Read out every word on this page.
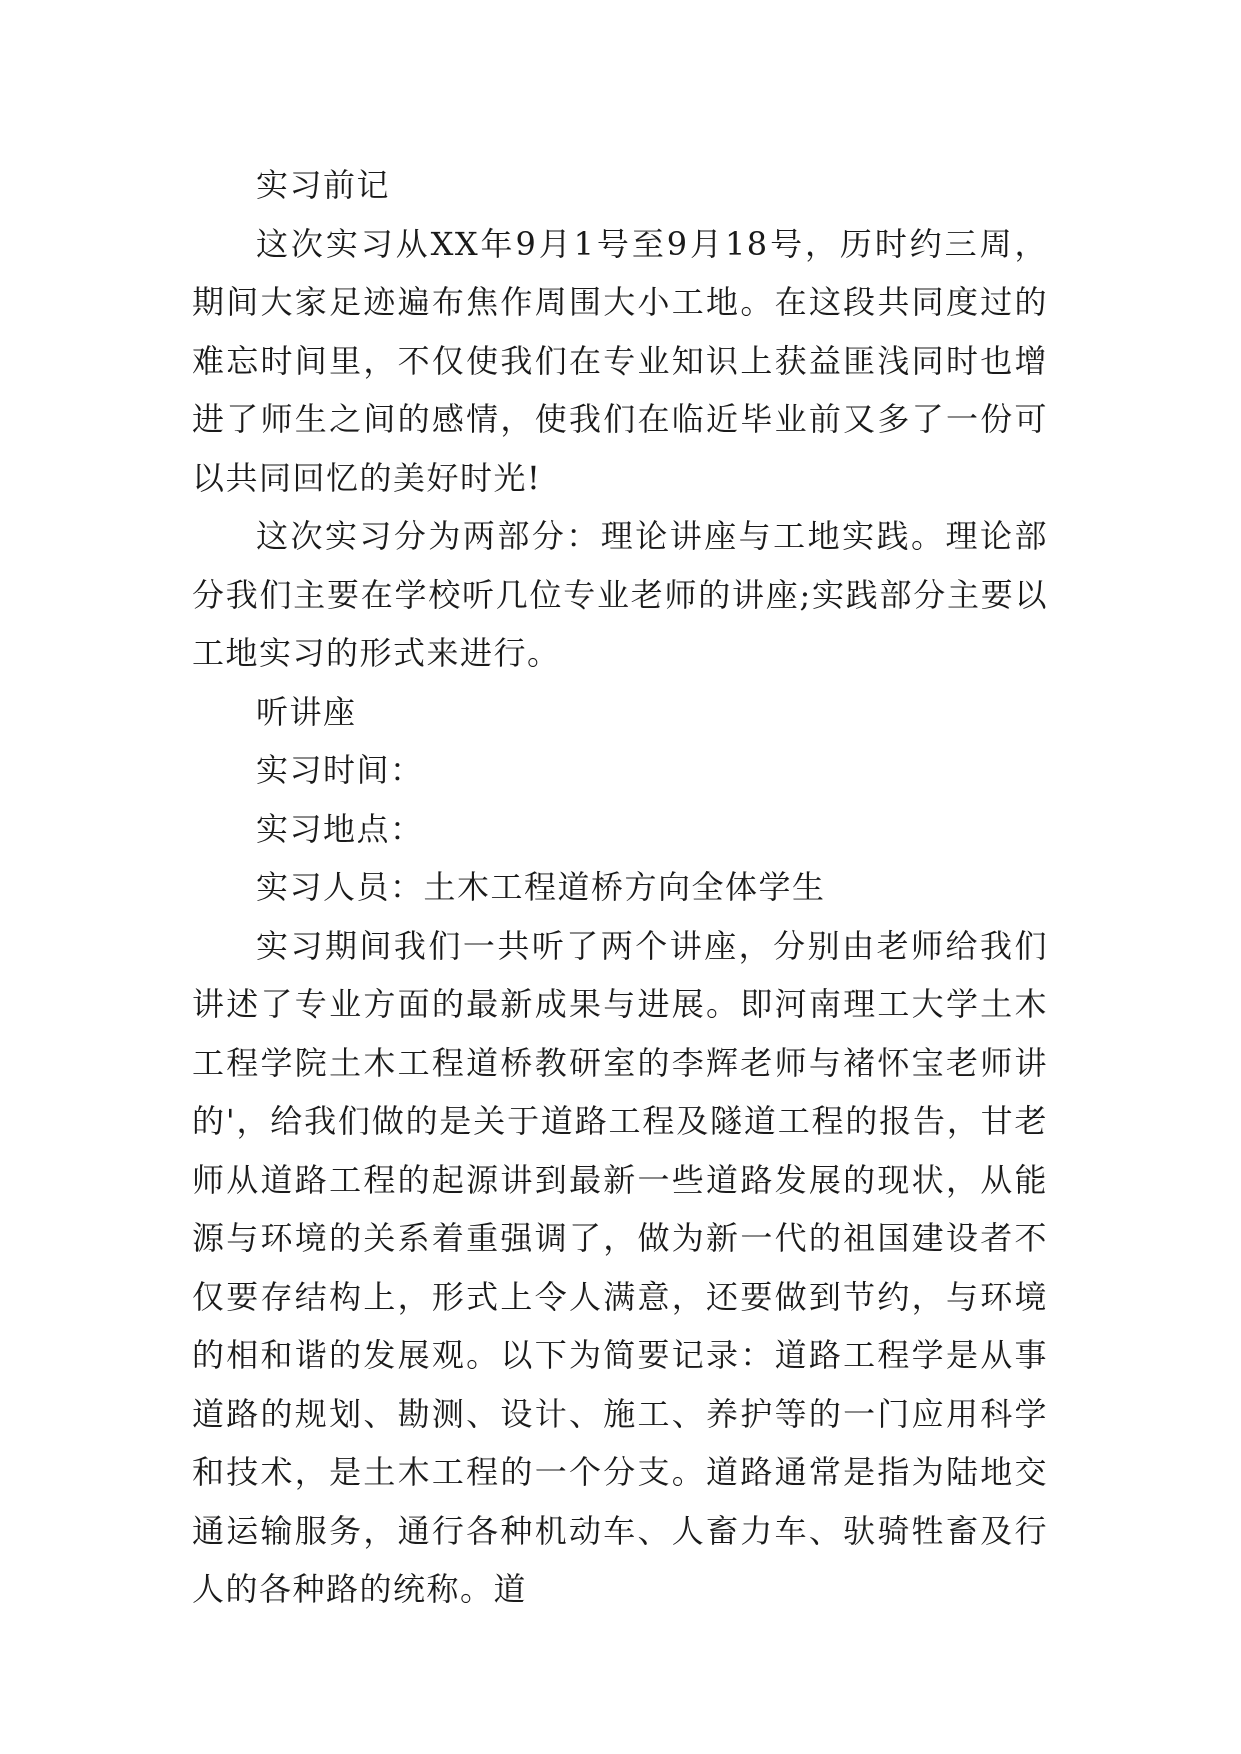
实习前记

这次实习从XX年9月1号至9月18号，历时约三周，期间大家足迹遍布焦作周围大小工地。在这段共同度过的难忘时间里，不仅使我们在专业知识上获益匪浅同时也增进了师生之间的感情，使我们在临近毕业前又多了一份可以共同回忆的美好时光!

这次实习分为两部分：理论讲座与工地实践。理论部分我们主要在学校听几位专业老师的讲座;实践部分主要以工地实习的形式来进行。

听讲座

实习时间：

实习地点：

实习人员：土木工程道桥方向全体学生

实习期间我们一共听了两个讲座，分别由老师给我们讲述了专业方面的最新成果与进展。即河南理工大学土木工程学院土木工程道桥教研室的李辉老师与褚怀宝老师讲的'，给我们做的是关于道路工程及隧道工程的报告，甘老师从道路工程的起源讲到最新一些道路发展的现状，从能源与环境的关系着重强调了，做为新一代的祖国建设者不仅要存结构上，形式上令人满意，还要做到节约，与环境的相和谐的发展观。以下为简要记录：道路工程学是从事道路的规划、勘测、设计、施工、养护等的一门应用科学和技术，是土木工程的一个分支。道路通常是指为陆地交通运输服务，通行各种机动车、人畜力车、驮骑牲畜及行人的各种路的统称。道
